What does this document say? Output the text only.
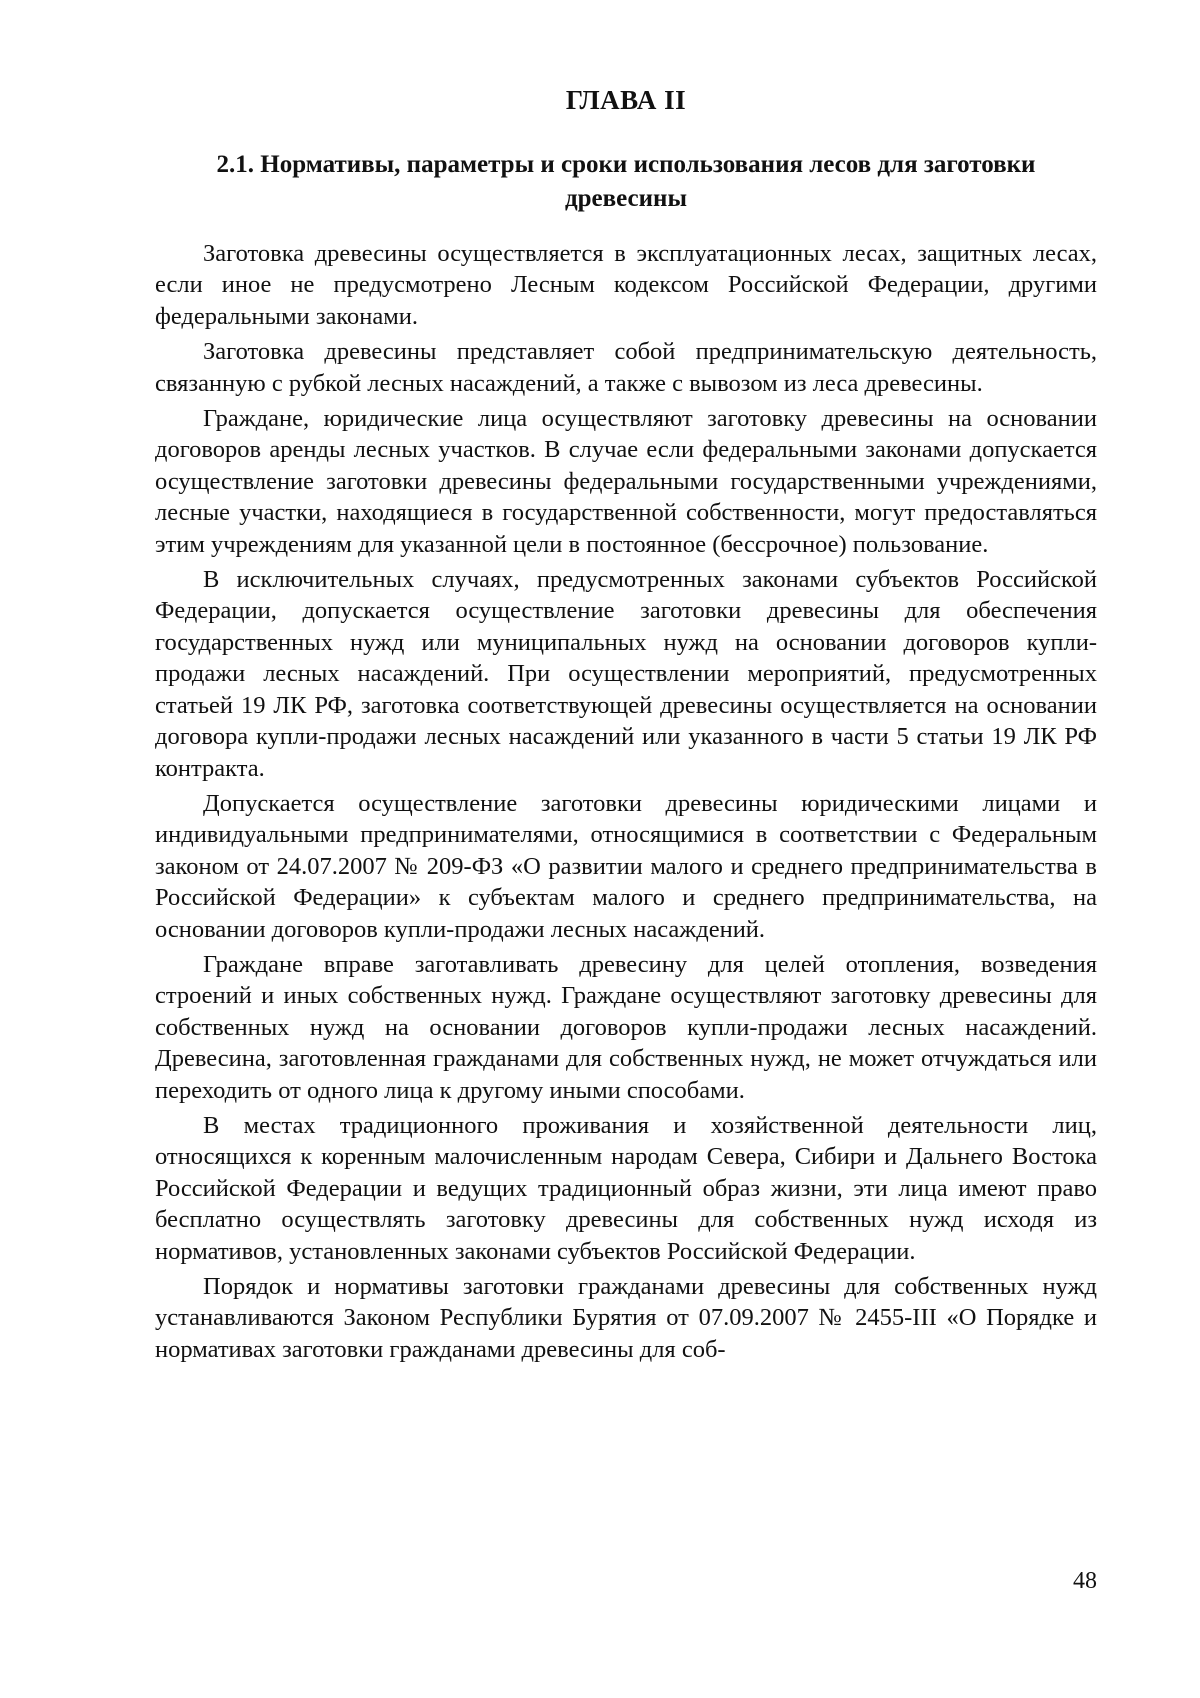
ГЛАВА II
2.1. Нормативы, параметры и сроки использования лесов для заготовки
древесины

Заготовка древесины осуществляется в эксплуатационных лесах, защитных лесах, если иное не предусмотрено Лесным кодексом Российской Федерации, другими федеральными законами.

Заготовка древесины представляет собой предпринимательскую деятельность, связанную с рубкой лесных насаждений, а также с вывозом из леса древесины.

Граждане, юридические лица осуществляют заготовку древесины на основании договоров аренды лесных участков. В случае если федеральными законами допускается осуществление заготовки древесины федеральными государственными учреждениями, лесные участки, находящиеся в государственной собственности, могут предоставляться этим учреждениям для указанной цели в постоянное (бессрочное) пользование.

В исключительных случаях, предусмотренных законами субъектов Российской Федерации, допускается осуществление заготовки древесины для обеспечения государственных нужд или муниципальных нужд на основании договоров купли-продажи лесных насаждений. При осуществлении мероприятий, предусмотренных статьей 19 ЛК РФ, заготовка соответствующей древесины осуществляется на основании договора купли-продажи лесных насаждений или указанного в части 5 статьи 19 ЛК РФ контракта.

Допускается осуществление заготовки древесины юридическими лицами и индивидуальными предпринимателями, относящимися в соответствии с Федеральным законом от 24.07.2007 № 209-ФЗ «О развитии малого и среднего предпринимательства в Российской Федерации» к субъектам малого и среднего предпринимательства, на основании договоров купли-продажи лесных насаждений.

Граждане вправе заготавливать древесину для целей отопления, возведения строений и иных собственных нужд. Граждане осуществляют заготовку древесины для собственных нужд на основании договоров купли-продажи лесных насаждений. Древесина, заготовленная гражданами для собственных нужд, не может отчуждаться или переходить от одного лица к другому иными способами.

В местах традиционного проживания и хозяйственной деятельности лиц, относящихся к коренным малочисленным народам Севера, Сибири и Дальнего Востока Российской Федерации и ведущих традиционный образ жизни, эти лица имеют право бесплатно осуществлять заготовку древесины для собственных нужд исходя из нормативов, установленных законами субъектов Российской Федерации.

Порядок и нормативы заготовки гражданами древесины для собственных нужд устанавливаются Законом Республики Бурятия от 07.09.2007 № 2455-III «О Порядке и нормативах заготовки гражданами древесины для соб-

48
